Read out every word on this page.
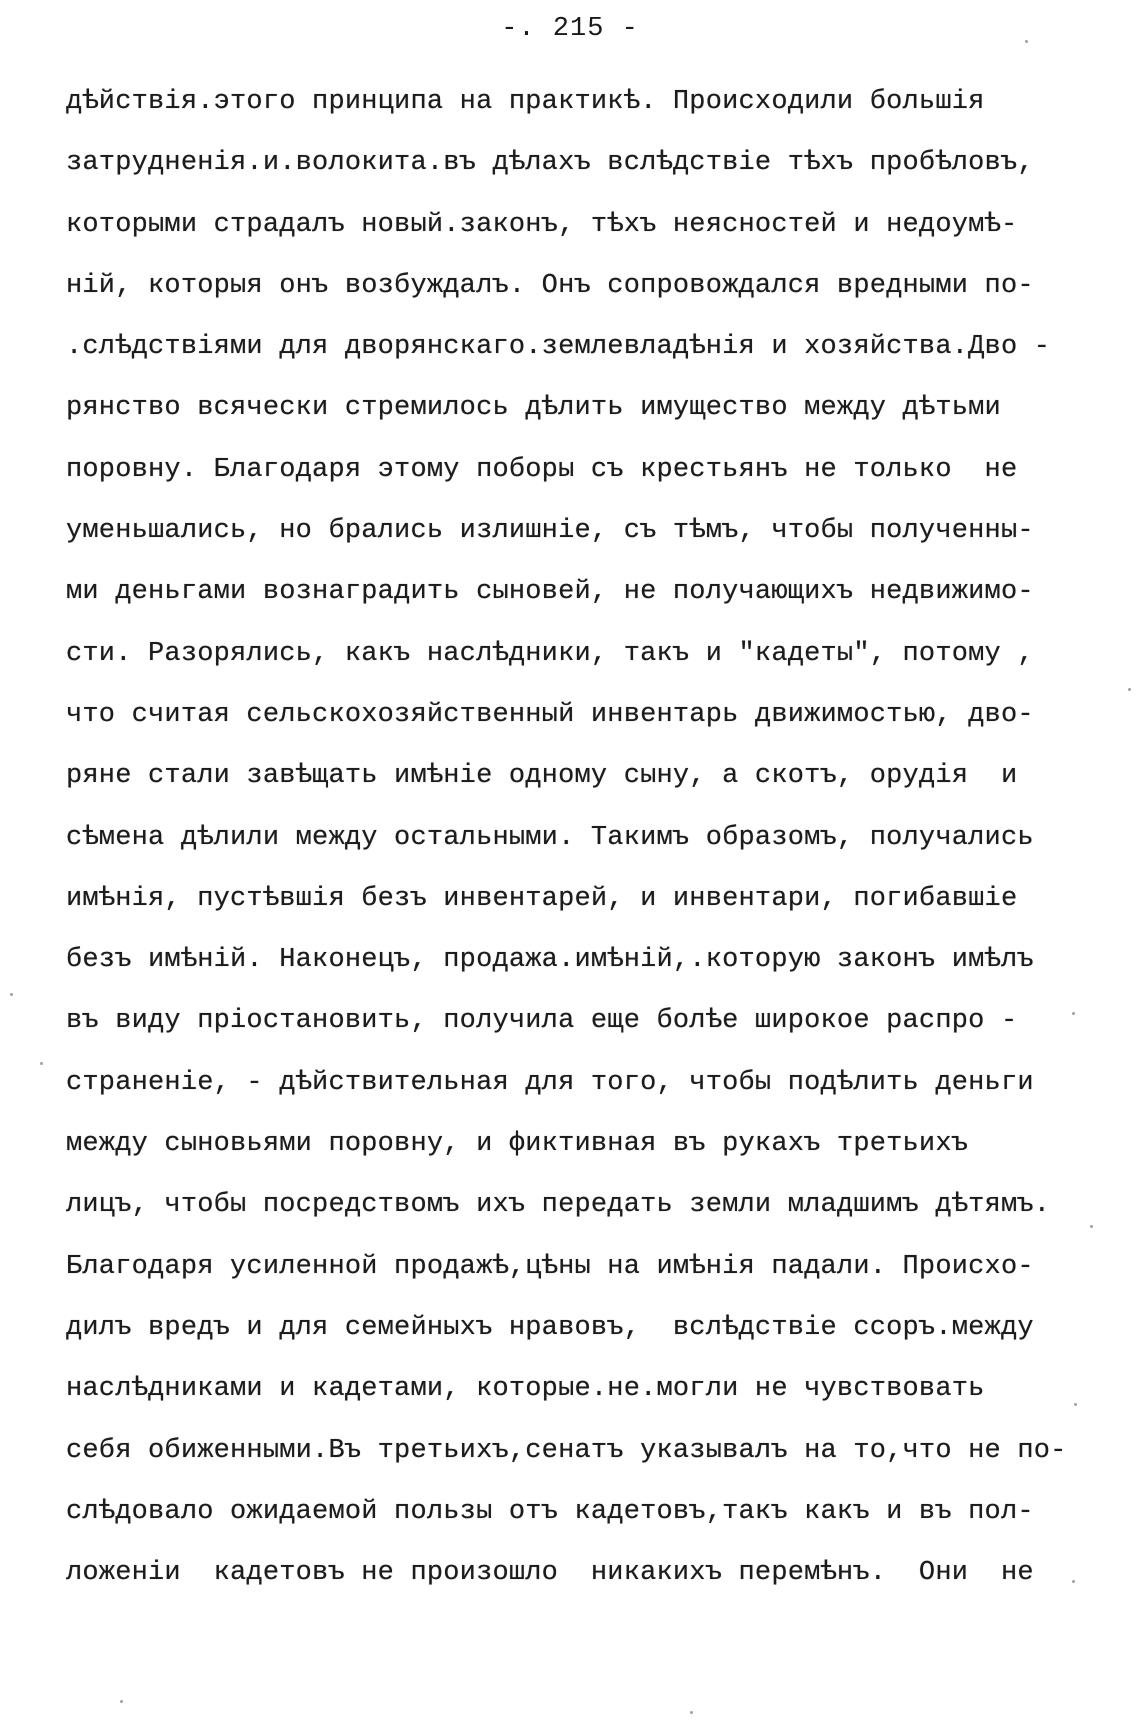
-. 215 -
дѣйствія.этого принципа на практикѣ. Происходили большія
затрудненія.и.волокита.въ дѣлахъ вслѣдствіе тѣхъ пробѣловъ,
которыми страдалъ новый.законъ, тѣхъ неясностей и недоумѣ-
ній, которыя онъ возбуждалъ. Онъ сопровождался вредными по-
.слѣдствіями для дворянскаго.землевладѣнія и хозяйства.Дво -
рянство всячески стремилось дѣлить имущество между дѣтьми
поровну. Благодаря этому поборы съ крестьянъ не только  не
уменьшались, но брались излишніе, съ тѣмъ, чтобы полученны-
ми деньгами вознаградить сыновей, не получающихъ недвижимо-
сти. Разорялись, какъ наслѣдники, такъ и "кадеты", потому ,
что считая сельскохозяйственный инвентарь движимостью, дво-
ряне стали завѣщать имѣніе одному сыну, а скотъ, орудія  и
сѣмена дѣлили между остальными. Такимъ образомъ, получались
имѣнія, пустѣвшія безъ инвентарей, и инвентари, погибавшіе
безъ имѣній. Наконецъ, продажа.имѣній,.которую законъ имѣлъ
въ виду пріостановить, получила еще болѣе широкое распро -
страненіе, - дѣйствительная для того, чтобы подѣлить деньги
между сыновьями поровну, и фиктивная въ рукахъ третьихъ
лицъ, чтобы посредствомъ ихъ передать земли младшимъ дѣтямъ.
Благодаря усиленной продажѣ,цѣны на имѣнія падали. Происхо-
дилъ вредъ и для семейныхъ нравовъ,  вслѣдствіе ссоръ.между
наслѣдниками и кадетами, которые.не.могли не чувствовать
себя обиженными.Въ третьихъ,сенатъ указывалъ на то,что не по-
слѣдовало ожидаемой пользы отъ кадетовъ,такъ какъ и въ пол-
ложеніи  кадетовъ не произошло  никакихъ перемѣнъ.  Они  не
